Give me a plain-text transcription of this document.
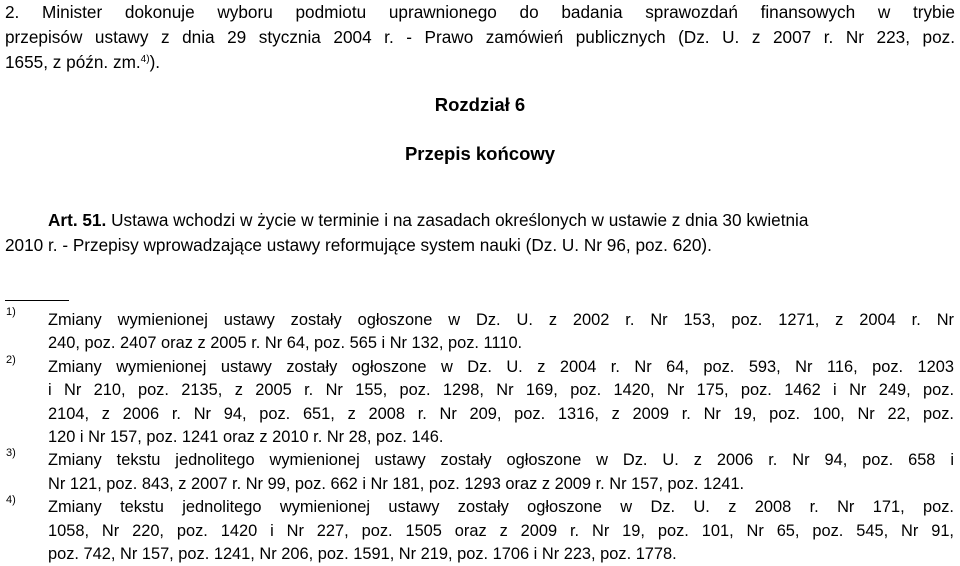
2. Minister dokonuje wyboru podmiotu uprawnionego do badania sprawozdań finansowych w trybie
przepisów ustawy z dnia 29 stycznia 2004 r. - Prawo zamówień publicznych (Dz. U. z 2007 r. Nr 223, poz.
1655, z późn. zm.$^{4)}$).
Rozdział 6
Przepis końcowy
Art. 51. Ustawa wchodzi w życie w terminie i na zasadach określonych w ustawie z dnia 30 kwietnia
2010 r. - Przepisy wprowadzające ustawy reformujące system nauki (Dz. U. Nr 96, poz. 620).
1)
2)
3)
4)
Zmiany wymienionej ustawy zostały ogłoszone w Dz. U. z 2002 r. Nr 153, poz. 1271, z 2004 r. Nr
240, poz. 2407 oraz z 2005 r. Nr 64, poz. 565 i Nr 132, poz. 1110.
Zmiany wymienionej ustawy zostały ogłoszone w Dz. U. z 2004 r. Nr 64, poz. 593, Nr 116, poz. 1203
i Nr 210, poz. 2135, z 2005 r. Nr 155, poz. 1298, Nr 169, poz. 1420, Nr 175, poz. 1462 i Nr 249, poz.
2104, z 2006 r. Nr 94, poz. 651, z 2008 r. Nr 209, poz. 1316, z 2009 r. Nr 19, poz. 100, Nr 22, poz.
120 i Nr 157, poz. 1241 oraz z 2010 r. Nr 28, poz. 146.
Zmiany tekstu jednolitego wymienionej ustawy zostały ogłoszone w Dz. U. z 2006 r. Nr 94, poz. 658 i
Nr 121, poz. 843, z 2007 r. Nr 99, poz. 662 i Nr 181, poz. 1293 oraz z 2009 r. Nr 157, poz. 1241.
Zmiany tekstu jednolitego wymienionej ustawy zostały ogłoszone w Dz. U. z 2008 r. Nr 171, poz.
1058, Nr 220, poz. 1420 i Nr 227, poz. 1505 oraz z 2009 r. Nr 19, poz. 101, Nr 65, poz. 545, Nr 91,
poz. 742, Nr 157, poz. 1241, Nr 206, poz. 1591, Nr 219, poz. 1706 i Nr 223, poz. 1778.
